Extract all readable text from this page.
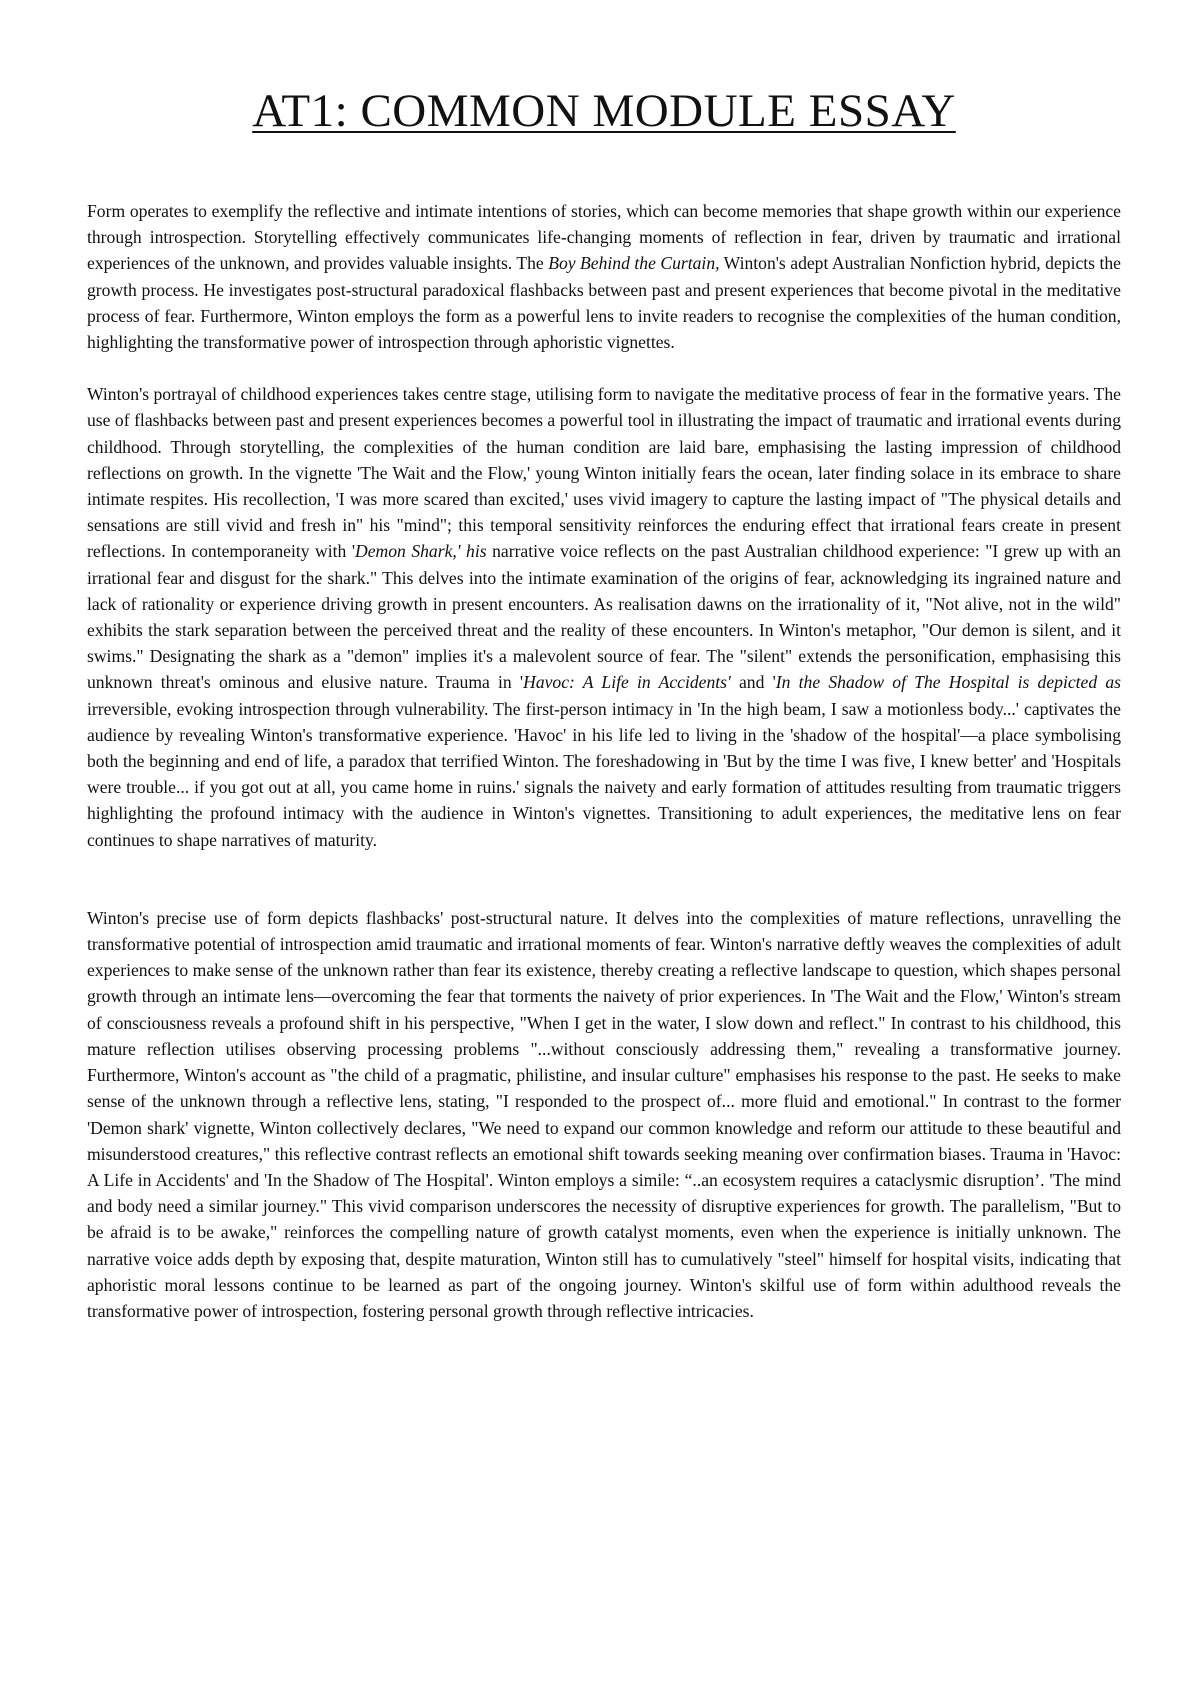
AT1: COMMON MODULE ESSAY

Form operates to exemplify the reflective and intimate intentions of stories, which can become memories that shape growth within our experience through introspection. Storytelling effectively communicates life-changing moments of reflection in fear, driven by traumatic and irrational experiences of the unknown, and provides valuable insights. The Boy Behind the Curtain, Winton's adept Australian Nonfiction hybrid, depicts the growth process. He investigates post-structural paradoxical flashbacks between past and present experiences that become pivotal in the meditative process of fear. Furthermore, Winton employs the form as a powerful lens to invite readers to recognise the complexities of the human condition, highlighting the transformative power of introspection through aphoristic vignettes.

Winton's portrayal of childhood experiences takes centre stage, utilising form to navigate the meditative process of fear in the formative years. The use of flashbacks between past and present experiences becomes a powerful tool in illustrating the impact of traumatic and irrational events during childhood. Through storytelling, the complexities of the human condition are laid bare, emphasising the lasting impression of childhood reflections on growth. In the vignette 'The Wait and the Flow,' young Winton initially fears the ocean, later finding solace in its embrace to share intimate respites. His recollection, 'I was more scared than excited,' uses vivid imagery to capture the lasting impact of "The physical details and sensations are still vivid and fresh in" his "mind"; this temporal sensitivity reinforces the enduring effect that irrational fears create in present reflections. In contemporaneity with 'Demon Shark,' his narrative voice reflects on the past Australian childhood experience: "I grew up with an irrational fear and disgust for the shark." This delves into the intimate examination of the origins of fear, acknowledging its ingrained nature and lack of rationality or experience driving growth in present encounters. As realisation dawns on the irrationality of it, "Not alive, not in the wild" exhibits the stark separation between the perceived threat and the reality of these encounters. In Winton's metaphor, "Our demon is silent, and it swims." Designating the shark as a "demon" implies it's a malevolent source of fear. The "silent" extends the personification, emphasising this unknown threat's ominous and elusive nature. Trauma in 'Havoc: A Life in Accidents' and 'In the Shadow of The Hospital is depicted as irreversible, evoking introspection through vulnerability. The first-person intimacy in 'In the high beam, I saw a motionless body...' captivates the audience by revealing Winton's transformative experience. 'Havoc' in his life led to living in the 'shadow of the hospital'—a place symbolising both the beginning and end of life, a paradox that terrified Winton. The foreshadowing in 'But by the time I was five, I knew better' and 'Hospitals were trouble... if you got out at all, you came home in ruins.' signals the naivety and early formation of attitudes resulting from traumatic triggers highlighting the profound intimacy with the audience in Winton's vignettes. Transitioning to adult experiences, the meditative lens on fear continues to shape narratives of maturity.

Winton's precise use of form depicts flashbacks' post-structural nature. It delves into the complexities of mature reflections, unravelling the transformative potential of introspection amid traumatic and irrational moments of fear. Winton's narrative deftly weaves the complexities of adult experiences to make sense of the unknown rather than fear its existence, thereby creating a reflective landscape to question, which shapes personal growth through an intimate lens—overcoming the fear that torments the naivety of prior experiences. In 'The Wait and the Flow,' Winton's stream of consciousness reveals a profound shift in his perspective, "When I get in the water, I slow down and reflect." In contrast to his childhood, this mature reflection utilises observing processing problems "...without consciously addressing them," revealing a transformative journey. Furthermore, Winton's account as "the child of a pragmatic, philistine, and insular culture" emphasises his response to the past. He seeks to make sense of the unknown through a reflective lens, stating, "I responded to the prospect of... more fluid and emotional." In contrast to the former 'Demon shark' vignette, Winton collectively declares, "We need to expand our common knowledge and reform our attitude to these beautiful and misunderstood creatures," this reflective contrast reflects an emotional shift towards seeking meaning over confirmation biases. Trauma in 'Havoc: A Life in Accidents' and 'In the Shadow of The Hospital'. Winton employs a simile: “..an ecosystem requires a cataclysmic disruption’. 'The mind and body need a similar journey." This vivid comparison underscores the necessity of disruptive experiences for growth. The parallelism, "But to be afraid is to be awake," reinforces the compelling nature of growth catalyst moments, even when the experience is initially unknown. The narrative voice adds depth by exposing that, despite maturation, Winton still has to cumulatively "steel" himself for hospital visits, indicating that aphoristic moral lessons continue to be learned as part of the ongoing journey. Winton's skilful use of form within adulthood reveals the transformative power of introspection, fostering personal growth through reflective intricacies.
